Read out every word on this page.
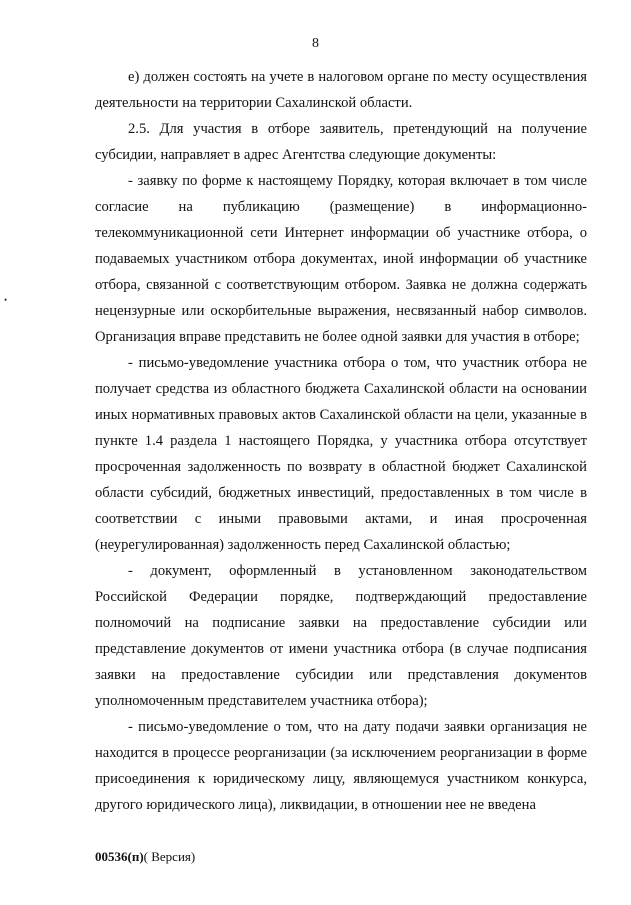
8
•

е) должен состоять на учете в налоговом органе по месту осуществления деятельности на территории Сахалинской области.

2.5. Для участия в отборе заявитель, претендующий на получение субсидии, направляет в адрес Агентства следующие документы:

- заявку по форме к настоящему Порядку, которая включает в том числе согласие на публикацию (размещение) в информационно-телекоммуникационной сети Интернет информации об участнике отбора, о подаваемых участником отбора документах, иной информации об участнике отбора, связанной с соответствующим отбором. Заявка не должна содержать нецензурные или оскорбительные выражения, несвязанный набор символов. Организация вправе представить не более одной заявки для участия в отборе;

- письмо-уведомление участника отбора о том, что участник отбора не получает средства из областного бюджета Сахалинской области на основании иных нормативных правовых актов Сахалинской области на цели, указанные в пункте 1.4 раздела 1 настоящего Порядка, у участника отбора отсутствует просроченная задолженность по возврату в областной бюджет Сахалинской области субсидий, бюджетных инвестиций, предоставленных в том числе в соответствии с иными правовыми актами, и иная просроченная (неурегулированная) задолженность перед Сахалинской областью;

- документ, оформленный в установленном законодательством Российской Федерации порядке, подтверждающий предоставление полномочий на подписание заявки на предоставление субсидии или представление документов от имени участника отбора (в случае подписания заявки на предоставление субсидии или представления документов уполномоченным представителем участника отбора);

- письмо-уведомление о том, что на дату подачи заявки организация не находится в процессе реорганизации (за исключением реорганизации в форме присоединения к юридическому лицу, являющемуся участником конкурса, другого юридического лица), ликвидации, в отношении нее не введена

00536(п)( Версия)
